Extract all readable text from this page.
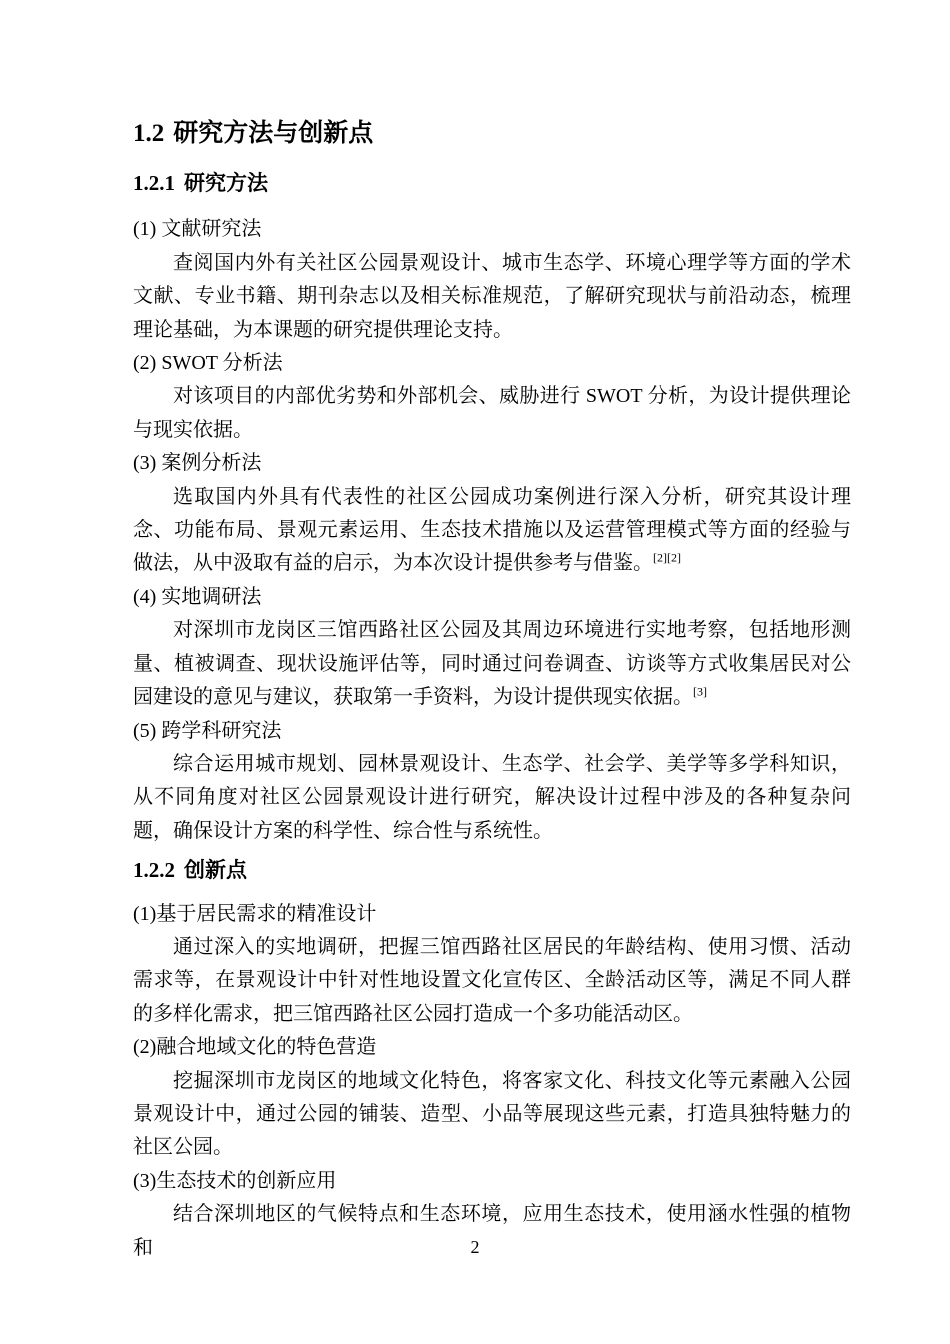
1.2 研究方法与创新点
1.2.1 研究方法

(1) 文献研究法

查阅国内外有关社区公园景观设计、城市生态学、环境心理学等方面的学术文献、专业书籍、期刊杂志以及相关标准规范，了解研究现状与前沿动态，梳理理论基础，为本课题的研究提供理论支持。

(2) SWOT 分析法

对该项目的内部优劣势和外部机会、威胁进行 SWOT 分析，为设计提供理论与现实依据。

(3) 案例分析法

选取国内外具有代表性的社区公园成功案例进行深入分析，研究其设计理念、功能布局、景观元素运用、生态技术措施以及运营管理模式等方面的经验与做法，从中汲取有益的启示，为本次设计提供参考与借鉴。[2][2]

(4) 实地调研法

对深圳市龙岗区三馆西路社区公园及其周边环境进行实地考察，包括地形测量、植被调查、现状设施评估等，同时通过问卷调查、访谈等方式收集居民对公园建设的意见与建议，获取第一手资料，为设计提供现实依据。[3]

(5) 跨学科研究法

综合运用城市规划、园林景观设计、生态学、社会学、美学等多学科知识，从不同角度对社区公园景观设计进行研究，解决设计过程中涉及的各种复杂问题，确保设计方案的科学性、综合性与系统性。

1.2.2 创新点

(1)基于居民需求的精准设计

通过深入的实地调研，把握三馆西路社区居民的年龄结构、使用习惯、活动需求等，在景观设计中针对性地设置文化宣传区、全龄活动区等，满足不同人群的多样化需求，把三馆西路社区公园打造成一个多功能活动区。

(2)融合地域文化的特色营造

挖掘深圳市龙岗区的地域文化特色，将客家文化、科技文化等元素融入公园景观设计中，通过公园的铺装、造型、小品等展现这些元素，打造具独特魅力的社区公园。

(3)生态技术的创新应用

结合深圳地区的气候特点和生态环境，应用生态技术，使用涵水性强的植物和	2
